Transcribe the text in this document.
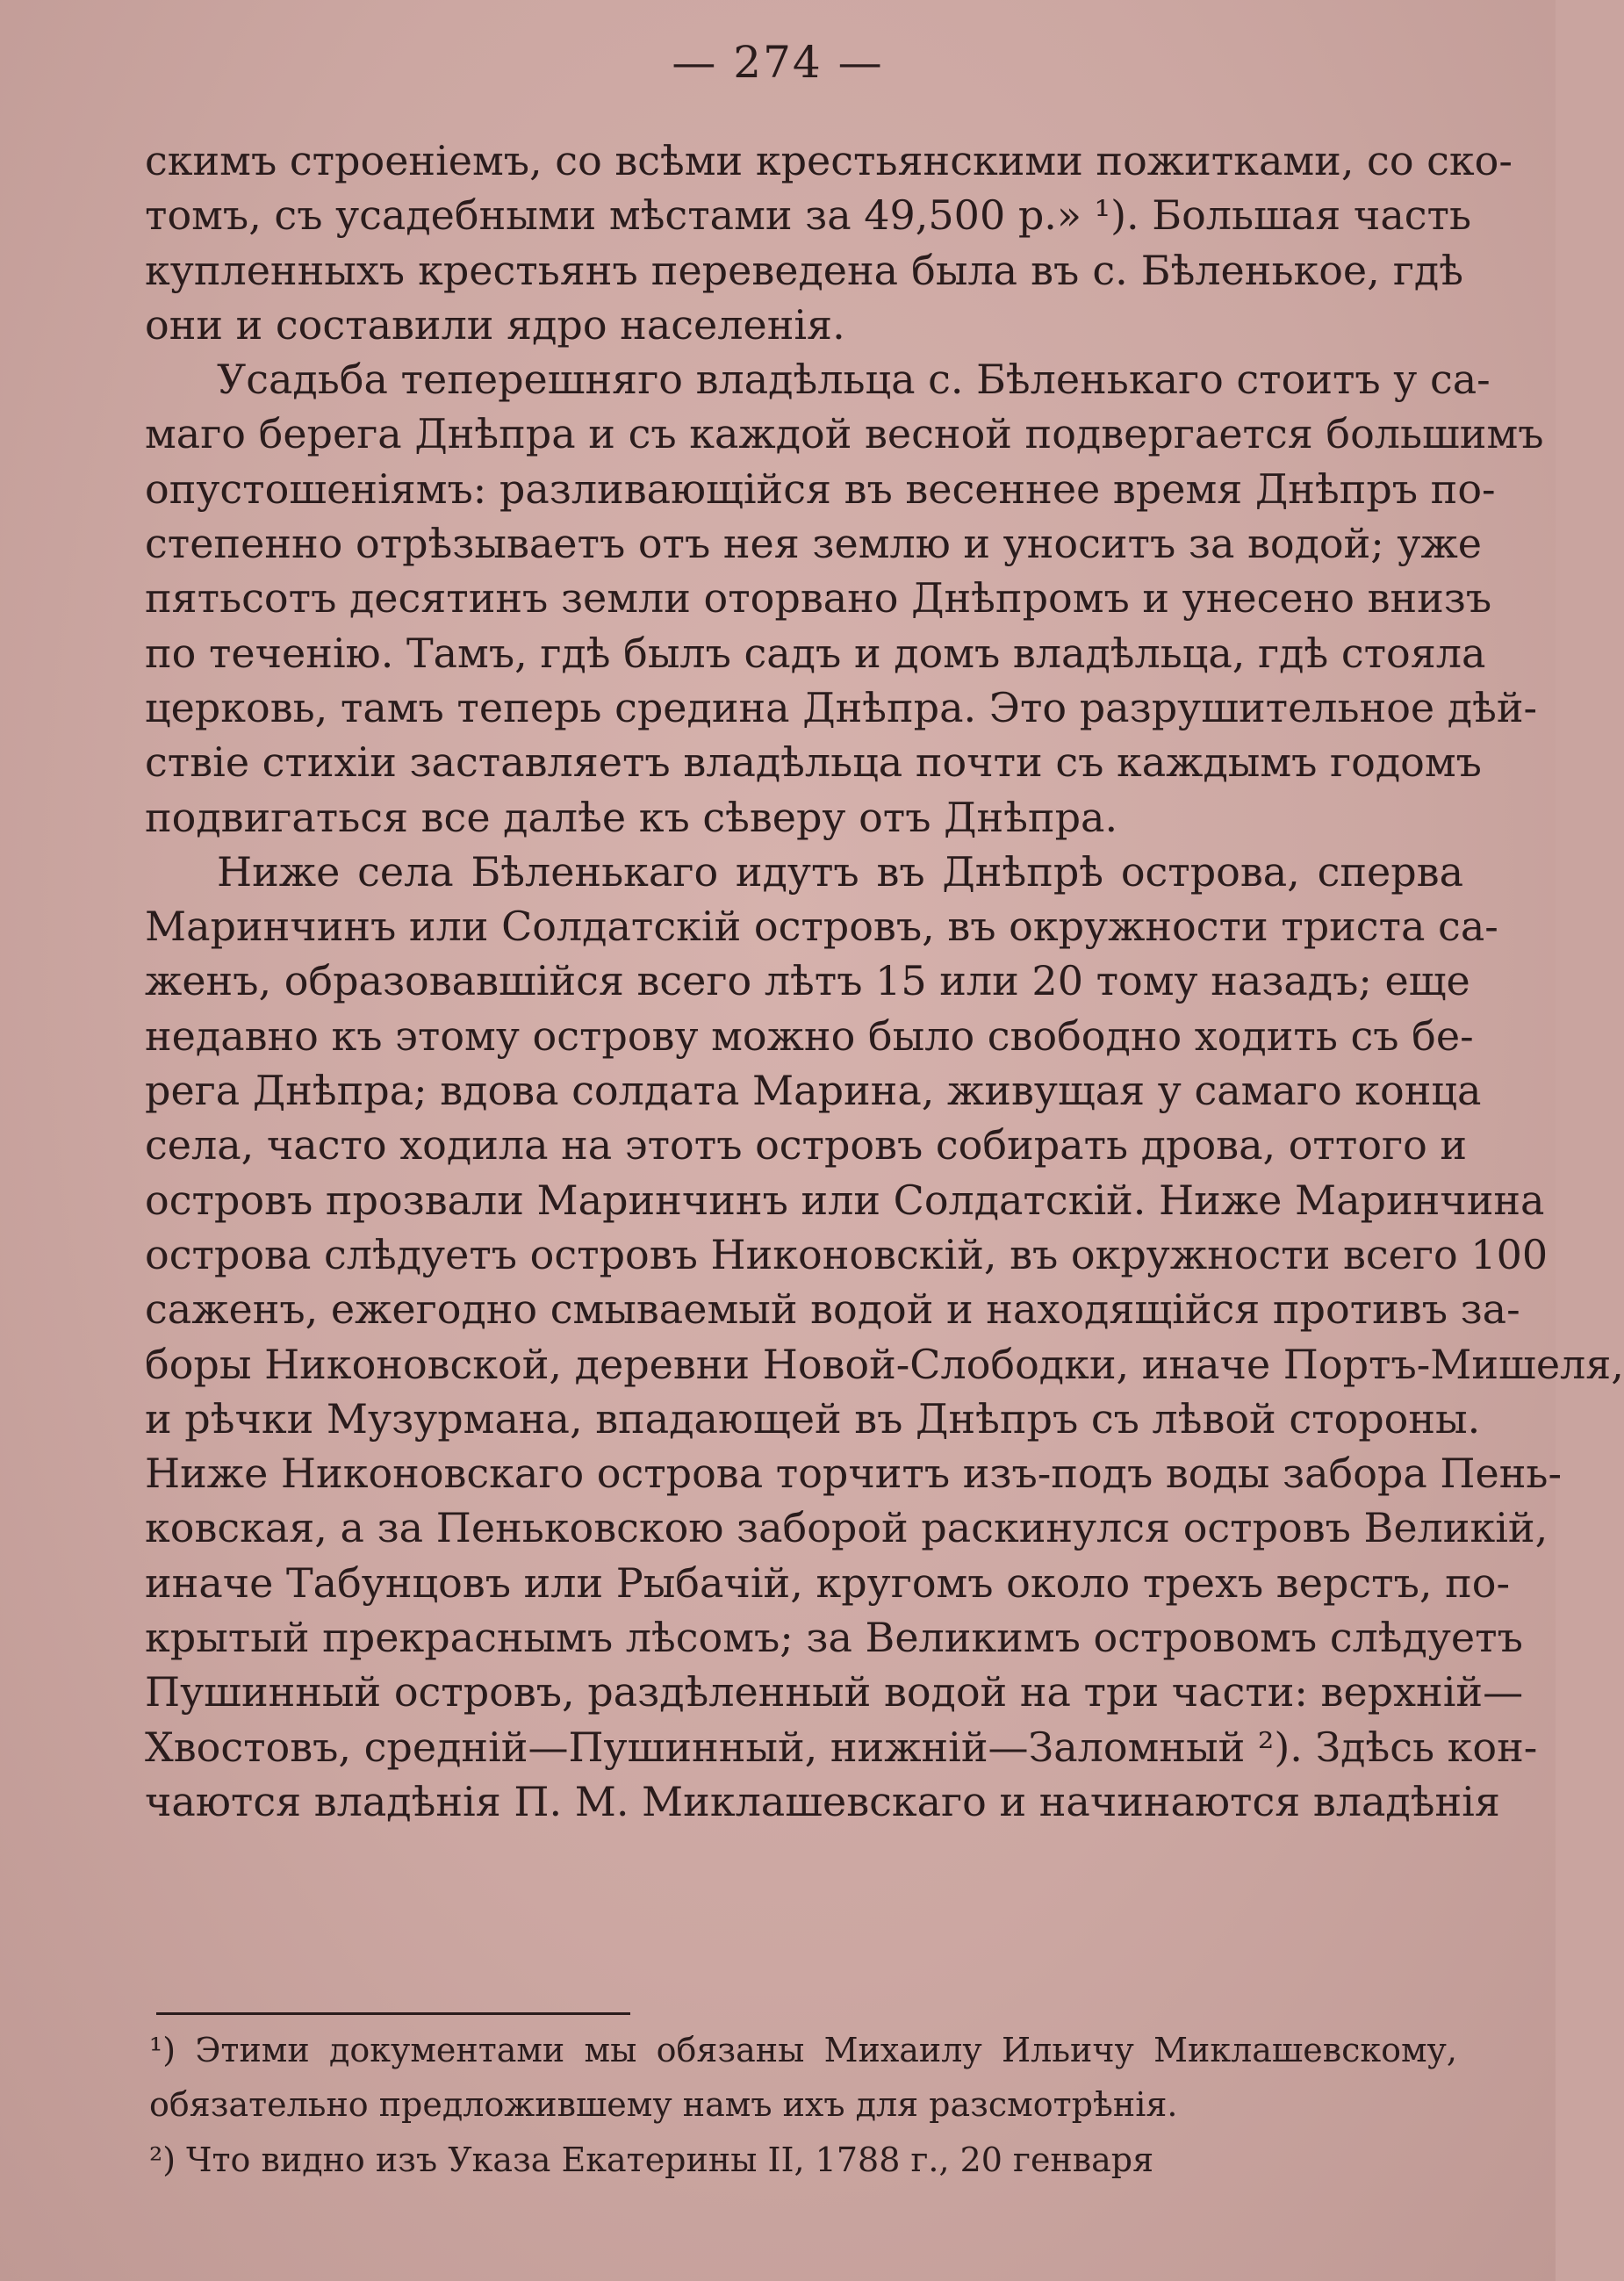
— 274 —
скимъ строеніемъ, со всѣми крестьянскими пожитками, со ско-
томъ, съ усадебными мѣстами за 49,500 р.» ¹). Большая часть
купленныхъ крестьянъ переведена была въ с. Бѣленькое, гдѣ
они и составили ядро населенія.
Усадьба теперешняго владѣльца с. Бѣленькаго стоитъ у са-
маго берега Днѣпра и съ каждой весной подвергается большимъ
опустошеніямъ: разливающійся въ весеннее время Днѣпръ по-
степенно отрѣзываетъ отъ нея землю и уноситъ за водой; уже
пятьсотъ десятинъ земли оторвано Днѣпромъ и унесено внизъ
по теченію. Тамъ, гдѣ былъ садъ и домъ владѣльца, гдѣ стояла
церковь, тамъ теперь средина Днѣпра. Это разрушительное дѣй-
ствіе стихіи заставляетъ владѣльца почти съ каждымъ годомъ
подвигаться все далѣе къ сѣверу отъ Днѣпра.
Ниже села Бѣленькаго идутъ въ Днѣпрѣ острова, сперва
Маринчинъ или Солдатскій островъ, въ окружности триста са-
женъ, образовавшійся всего лѣтъ 15 или 20 тому назадъ; еще
недавно къ этому острову можно было свободно ходить съ бе-
рега Днѣпра; вдова солдата Марина, живущая у самаго конца
села, часто ходила на этотъ островъ собирать дрова, оттого и
островъ прозвали Маринчинъ или Солдатскій. Ниже Маринчина
острова слѣдуетъ островъ Никоновскій, въ окружности всего 100
саженъ, ежегодно смываемый водой и находящійся противъ за-
боры Никоновской, деревни Новой-Слободки, иначе Портъ-Мишеля,
и рѣчки Музурмана, впадающей въ Днѣпръ съ лѣвой стороны.
Ниже Никоновскаго острова торчитъ изъ-подъ воды забора Пень-
ковская, а за Пеньковскою заборой раскинулся островъ Великій,
иначе Табунцовъ или Рыбачій, кругомъ около трехъ верстъ, по-
крытый прекраснымъ лѣсомъ; за Великимъ островомъ слѣдуетъ
Пушинный островъ, раздѣленный водой на три части: верхній—
Хвостовъ, средній—Пушинный, нижній—Заломный ²). Здѣсь кон-
чаются владѣнія П. М. Миклашевскаго и начинаются владѣнія
¹) Этими документами мы обязаны Михаилу Ильичу Миклашевскому,
обязательно предложившему намъ ихъ для разсмотрѣнія.
²) Что видно изъ Указа Екатерины II, 1788 г., 20 генваря
